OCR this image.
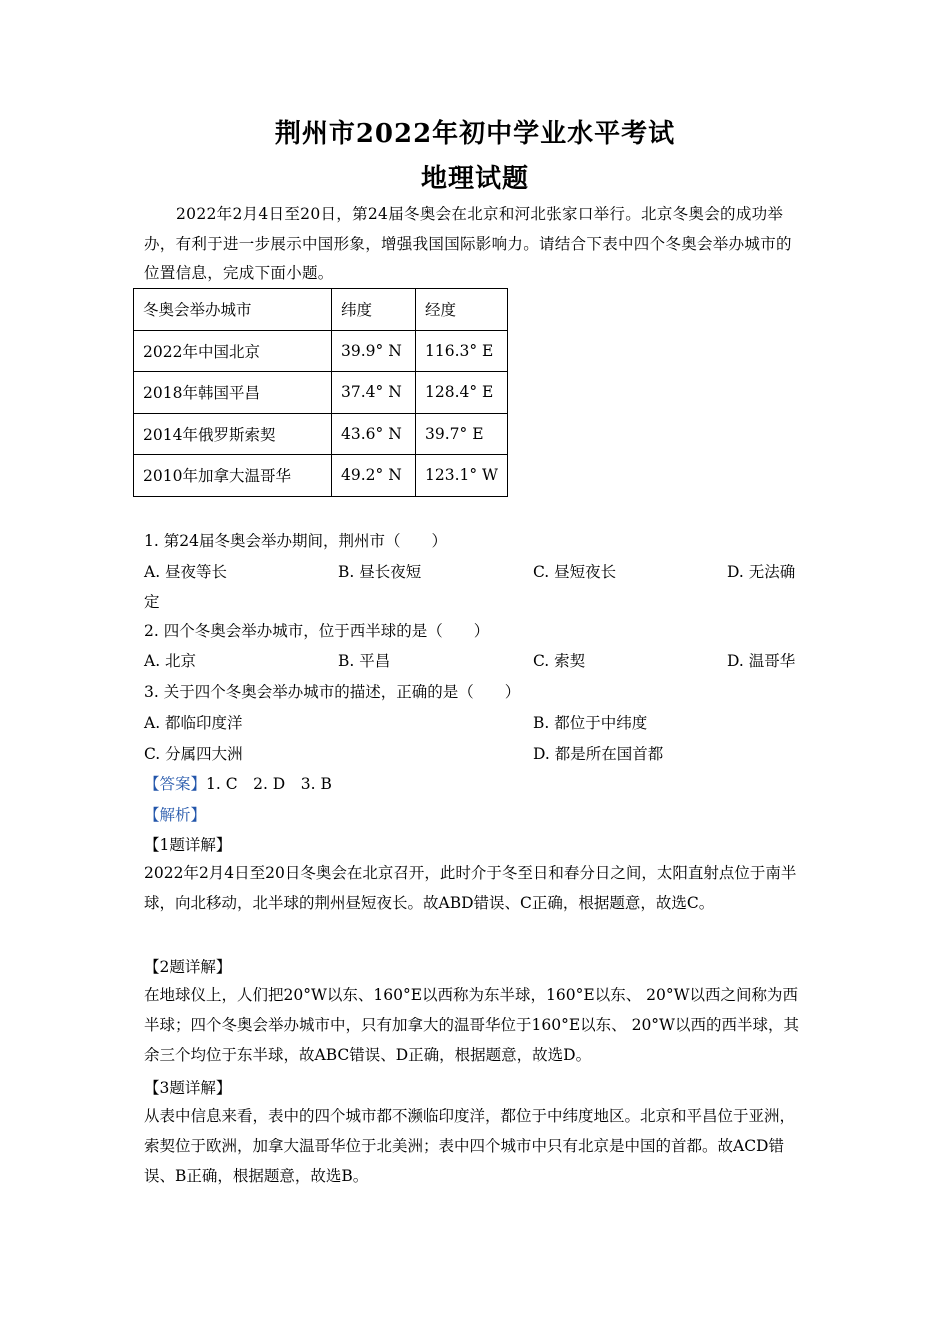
荆州市2022年初中学业水平考试
地理试题
2022年2月4日至20日，第24届冬奥会在北京和河北张家口举行。北京冬奥会的成功举办，有利于进一步展示中国形象，增强我国国际影响力。请结合下表中四个冬奥会举办城市的位置信息，完成下面小题。
冬奥会举办城市	纬度	经度
2022年中国北京	39.9° N	116.3° E
2018年韩国平昌	37.4° N	128.4° E
2014年俄罗斯索契	43.6° N	39.7° E
2010年加拿大温哥华	49.2° N	123.1° W
1. 第24届冬奥会举办期间，荆州市（　　）
A. 昼夜等长	B. 昼长夜短	C. 昼短夜长	D. 无法确
定
2. 四个冬奥会举办城市，位于西半球的是（　　）
A. 北京	B. 平昌	C. 索契	D. 温哥华
3. 关于四个冬奥会举办城市的描述，正确的是（　　）
A. 都临印度洋	B. 都位于中纬度
C. 分属四大洲	D. 都是所在国首都
【答案】1. C　2. D　3. B
【解析】
【1题详解】
2022年2月4日至20日冬奥会在北京召开，此时介于冬至日和春分日之间，太阳直射点位于南半球，向北移动，北半球的荆州昼短夜长。故ABD错误、C正确，根据题意，故选C。
【2题详解】
在地球仪上，人们把20°W以东、160°E以西称为东半球，160°E以东、 20°W以西之间称为西半球；四个冬奥会举办城市中，只有加拿大的温哥华位于160°E以东、 20°W以西的西半球，其余三个均位于东半球，故ABC错误、D正确，根据题意，故选D。
【3题详解】
从表中信息来看，表中的四个城市都不濒临印度洋，都位于中纬度地区。北京和平昌位于亚洲，索契位于欧洲，加拿大温哥华位于北美洲；表中四个城市中只有北京是中国的首都。故ACD错误、B正确，根据题意，故选B。
